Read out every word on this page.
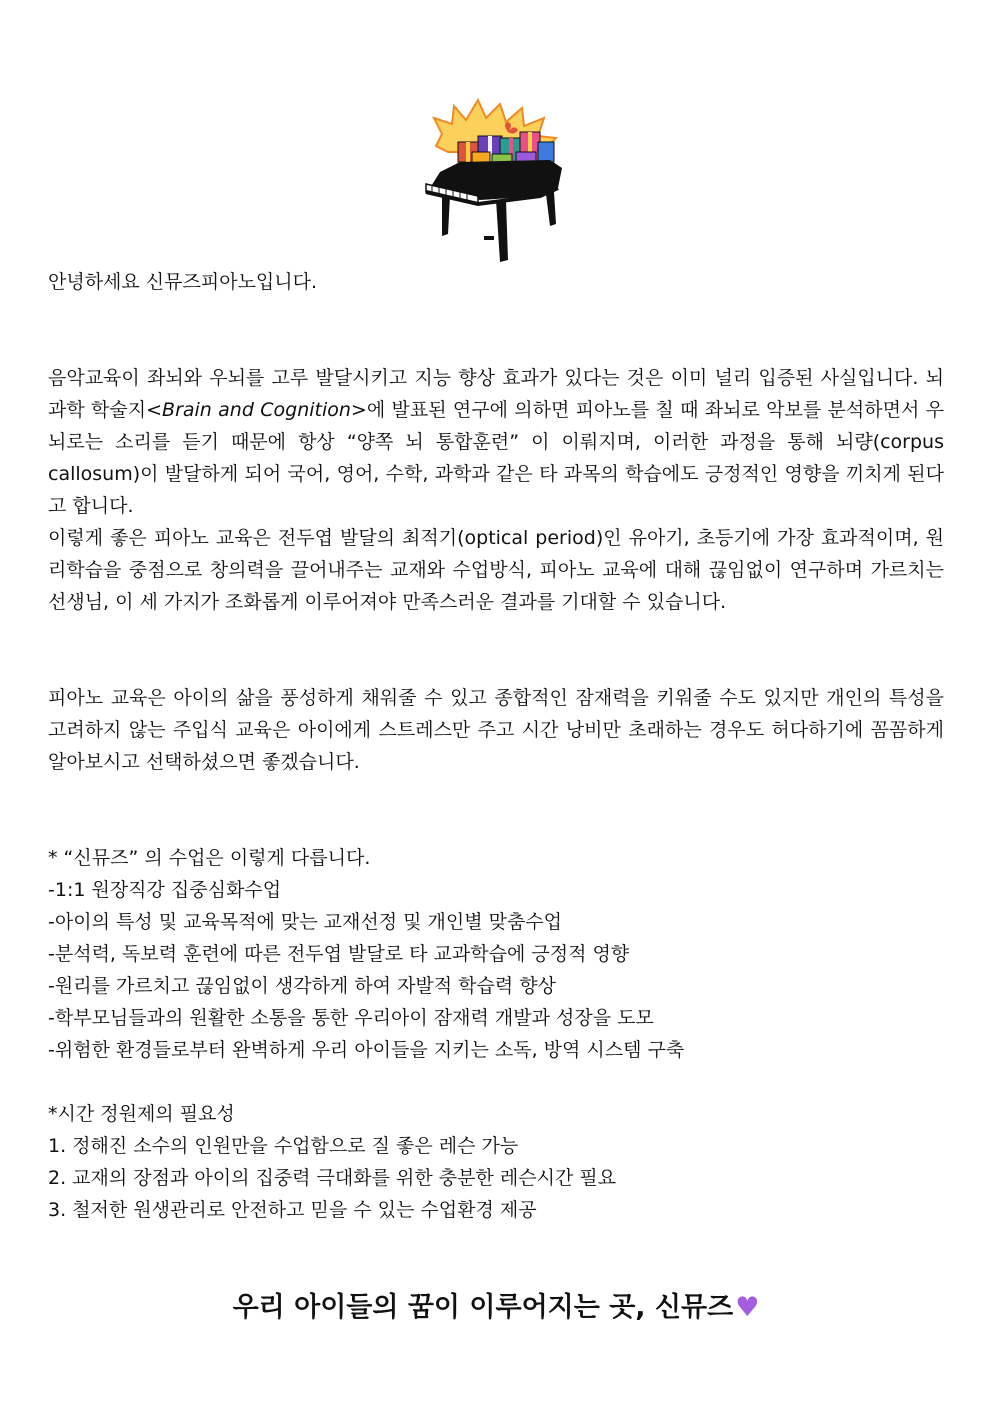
안녕하세요 신뮤즈피아노입니다.

음악교육이 좌뇌와 우뇌를 고루 발달시키고 지능 향상 효과가 있다는 것은 이미 널리 입증된 사실입니다. 뇌 과학 학술지<Brain and Cognition>에 발표된 연구에 의하면 피아노를 칠 때 좌뇌로 악보를 분석하면서 우뇌로는 소리를 듣기 때문에 항상 “양쪽 뇌 통합훈련” 이 이뤄지며, 이러한 과정을 통해 뇌량(corpus callosum)이 발달하게 되어 국어, 영어, 수학, 과학과 같은 타 과목의 학습에도 긍정적인 영향을 끼치게 된다고 합니다.

이렇게 좋은 피아노 교육은 전두엽 발달의 최적기(optical period)인 유아기, 초등기에 가장 효과적이며, 원리학습을 중점으로 창의력을 끌어내주는 교재와 수업방식, 피아노 교육에 대해 끊임없이 연구하며 가르치는 선생님, 이 세 가지가 조화롭게 이루어져야 만족스러운 결과를 기대할 수 있습니다.

피아노 교육은 아이의 삶을 풍성하게 채워줄 수 있고 종합적인 잠재력을 키워줄 수도 있지만 개인의 특성을 고려하지 않는 주입식 교육은 아이에게 스트레스만 주고 시간 낭비만 초래하는 경우도 허다하기에 꼼꼼하게 알아보시고 선택하셨으면 좋겠습니다.

* “신뮤즈” 의 수업은 이렇게 다릅니다.

-1:1 원장직강 집중심화수업
-아이의 특성 및 교육목적에 맞는 교재선정 및 개인별 맞춤수업
-분석력, 독보력 훈련에 따른 전두엽 발달로 타 교과학습에 긍정적 영향
-원리를 가르치고 끊임없이 생각하게 하여 자발적 학습력 향상
-학부모님들과의 원활한 소통을 통한 우리아이 잠재력 개발과 성장을 도모
-위험한 환경들로부터 완벽하게 우리 아이들을 지키는 소독, 방역 시스템 구축

*시간 정원제의 필요성

1. 정해진 소수의 인원만을 수업함으로 질 좋은 레슨 가능
2. 교재의 장점과 아이의 집중력 극대화를 위한 충분한 레슨시간 필요
3. 철저한 원생관리로 안전하고 믿을 수 있는 수업환경 제공
우리 아이들의 꿈이 이루어지는 곳, 신뮤즈♥
